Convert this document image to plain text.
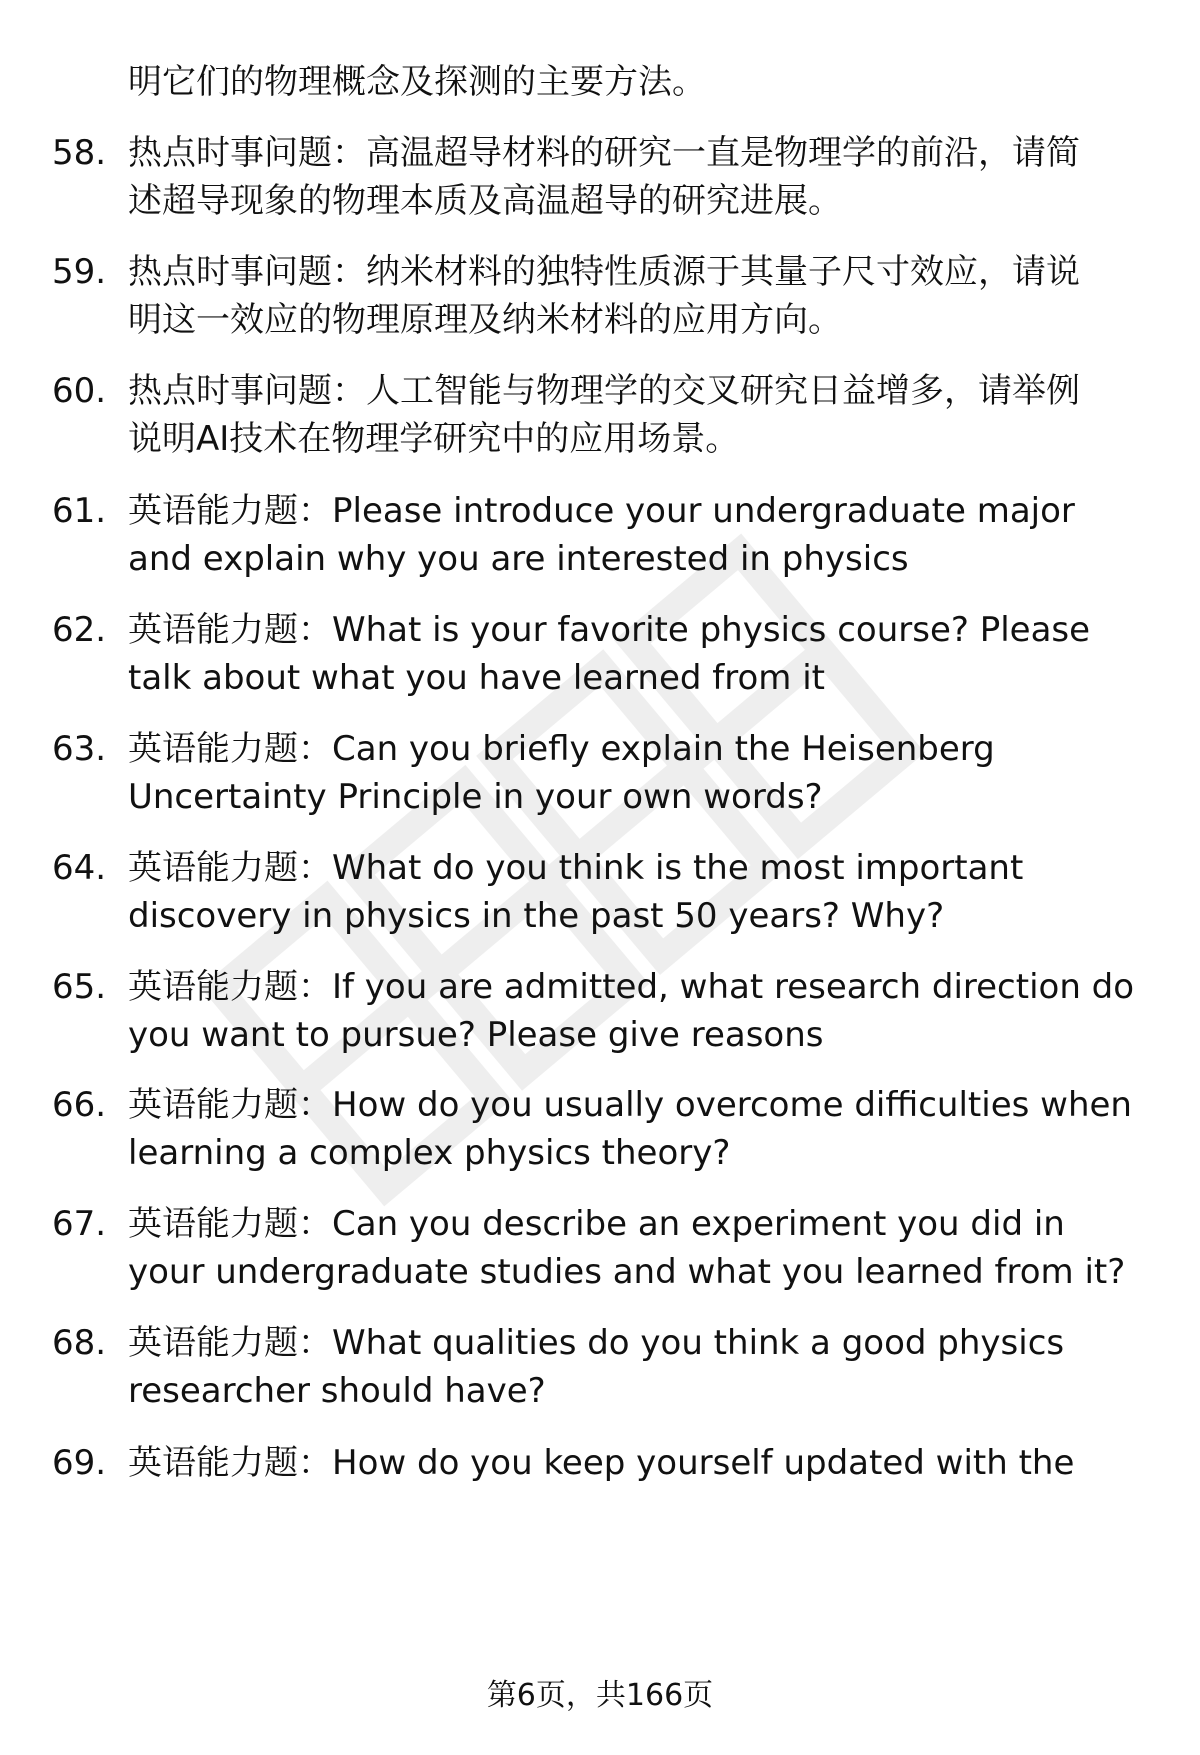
明它们的物理概念及探测的主要方法。
58. 热点时事问题：高温超导材料的研究一直是物理学的前沿，请简
述超导现象的物理本质及高温超导的研究进展。
59. 热点时事问题：纳米材料的独特性质源于其量子尺寸效应，请说
明这一效应的物理原理及纳米材料的应用方向。
60. 热点时事问题：人工智能与物理学的交叉研究日益增多，请举例
说明AI技术在物理学研究中的应用场景。
61. 英语能力题：Please introduce your undergraduate major
and explain why you are interested in physics
62. 英语能力题：What is your favorite physics course? Please
talk about what you have learned from it
63. 英语能力题：Can you briefly explain the Heisenberg
Uncertainty Principle in your own words?
64. 英语能力题：What do you think is the most important
discovery in physics in the past 50 years? Why?
65. 英语能力题：If you are admitted, what research direction do
you want to pursue? Please give reasons
66. 英语能力题：How do you usually overcome difficulties when
learning a complex physics theory?
67. 英语能力题：Can you describe an experiment you did in
your undergraduate studies and what you learned from it?
68. 英语能力题：What qualities do you think a good physics
researcher should have?
69. 英语能力题：How do you keep yourself updated with the
第6页，共166页
